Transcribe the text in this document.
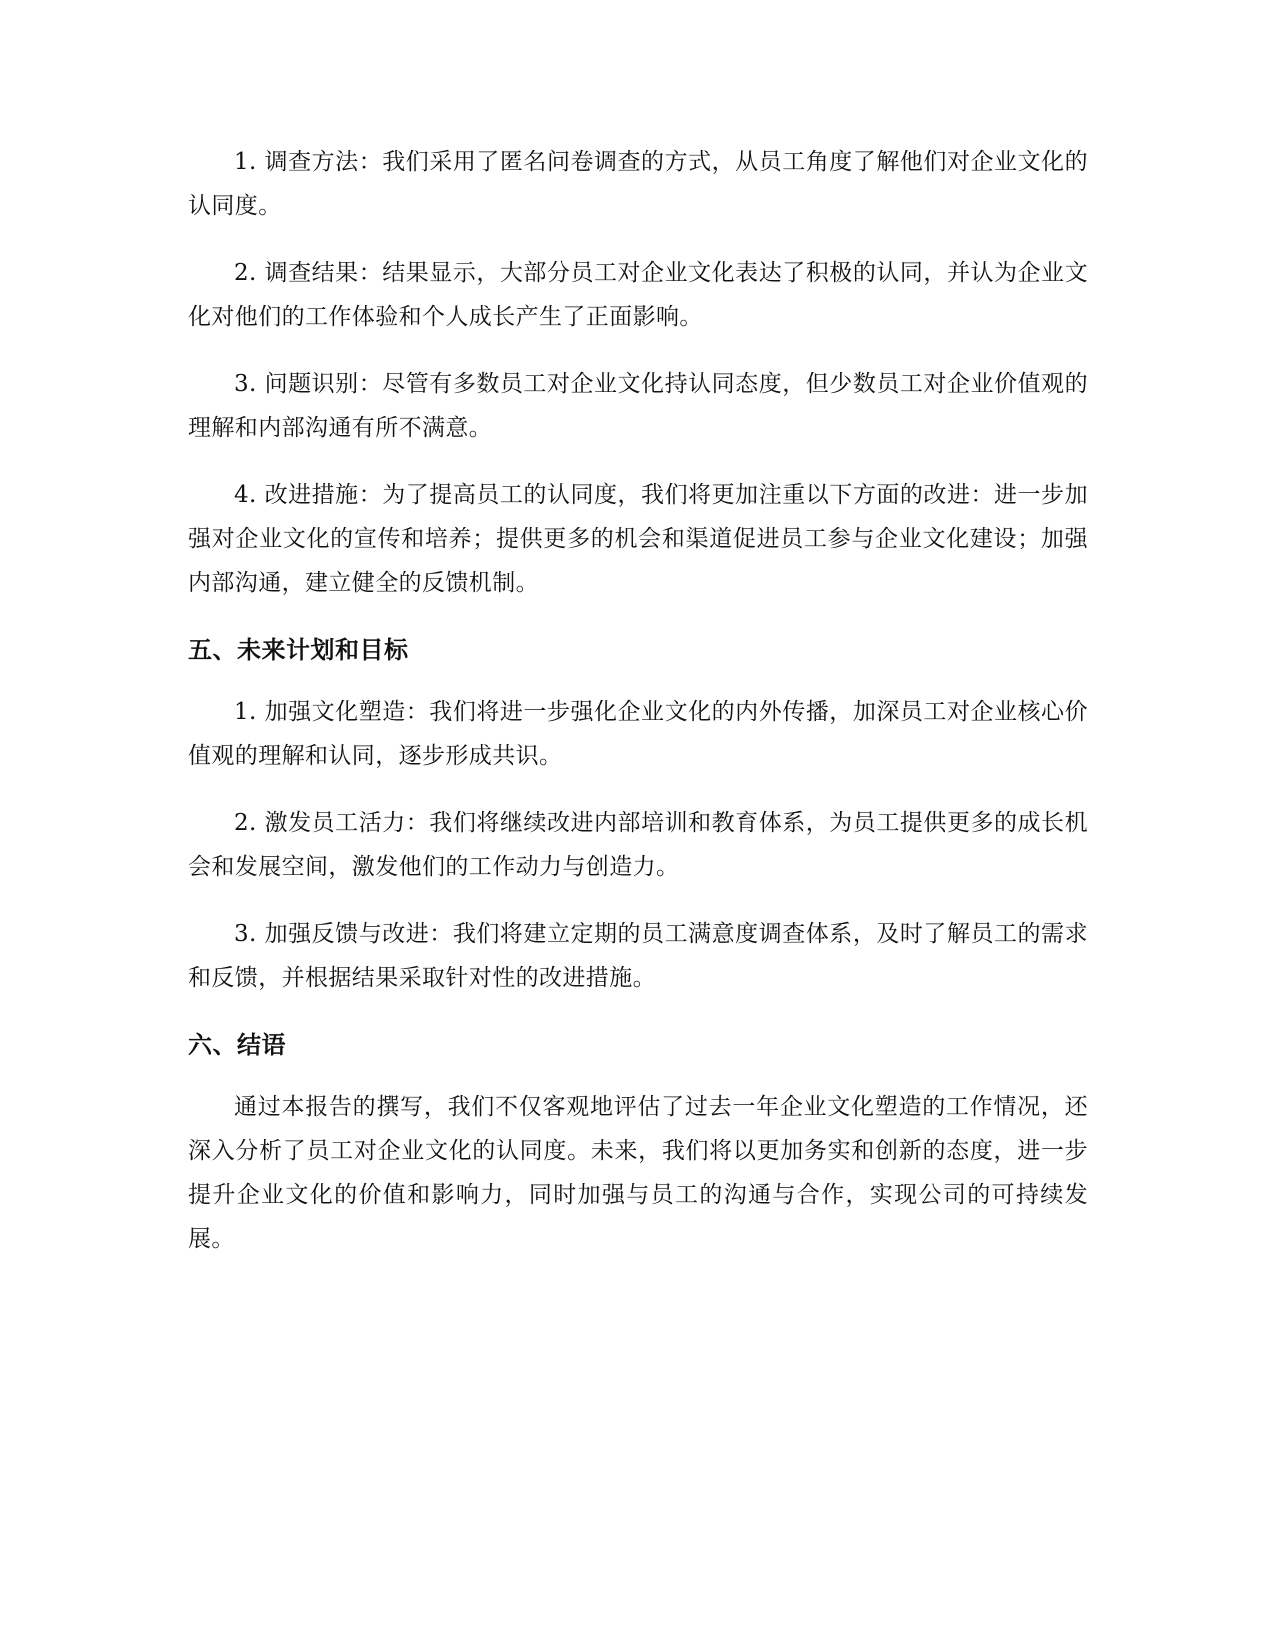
1. 调查方法：我们采用了匿名问卷调查的方式，从员工角度了解他们对企业文化的认同度。

2. 调查结果：结果显示，大部分员工对企业文化表达了积极的认同，并认为企业文化对他们的工作体验和个人成长产生了正面影响。

3. 问题识别：尽管有多数员工对企业文化持认同态度，但少数员工对企业价值观的理解和内部沟通有所不满意。

4. 改进措施：为了提高员工的认同度，我们将更加注重以下方面的改进：进一步加强对企业文化的宣传和培养；提供更多的机会和渠道促进员工参与企业文化建设；加强内部沟通，建立健全的反馈机制。

五、未来计划和目标

1. 加强文化塑造：我们将进一步强化企业文化的内外传播，加深员工对企业核心价值观的理解和认同，逐步形成共识。

2. 激发员工活力：我们将继续改进内部培训和教育体系，为员工提供更多的成长机会和发展空间，激发他们的工作动力与创造力。

3. 加强反馈与改进：我们将建立定期的员工满意度调查体系，及时了解员工的需求和反馈，并根据结果采取针对性的改进措施。

六、结语

通过本报告的撰写，我们不仅客观地评估了过去一年企业文化塑造的工作情况，还深入分析了员工对企业文化的认同度。未来，我们将以更加务实和创新的态度，进一步提升企业文化的价值和影响力，同时加强与员工的沟通与合作，实现公司的可持续发展。
